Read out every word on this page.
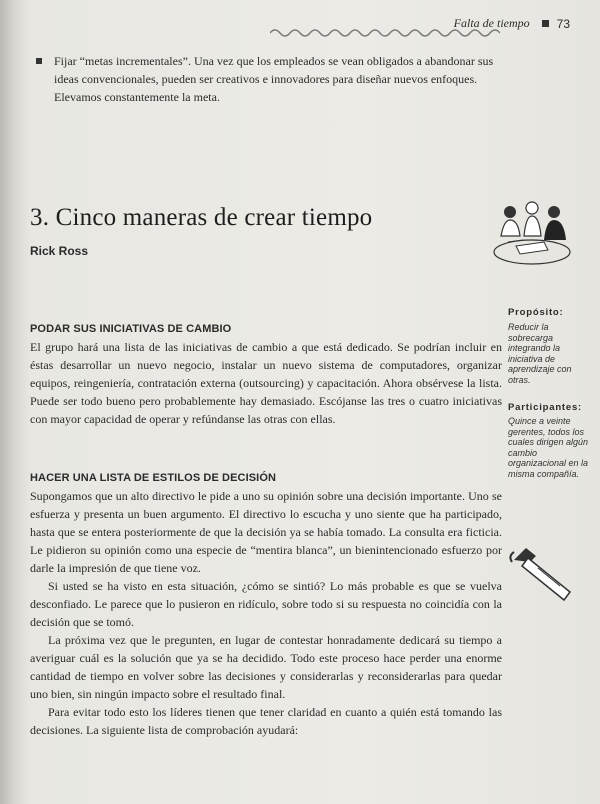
Falta de tiempo 73

Fijar “metas incrementales”. Una vez que los empleados se vean obligados a abandonar sus ideas convencionales, pueden ser creativos e innovadores para diseñar nuevos enfoques. Elevamos constantemente la meta.

3. Cinco maneras de crear tiempo
Rick Ross
PODAR SUS INICIATIVAS DE CAMBIO

El grupo hará una lista de las iniciativas de cambio a que está dedicado. Se podrían incluir en éstas desarrollar un nuevo negocio, instalar un nuevo sistema de computadores, organizar equipos, reingeniería, contratación externa (outsourcing) y capacitación. Ahora obsérvese la lista. Puede ser todo bueno pero probablemente hay demasiado. Escójanse las tres o cuatro iniciativas con mayor capacidad de operar y refúndanse las otras con ellas.

HACER UNA LISTA DE ESTILOS DE DECISIÓN

Supongamos que un alto directivo le pide a uno su opinión sobre una decisión importante. Uno se esfuerza y presenta un buen argumento. El directivo lo escucha y uno siente que ha participado, hasta que se entera posteriormente de que la decisión ya se había tomado. La consulta era ficticia. Le pidieron su opinión como una especie de “mentira blanca”, un bienintencionado esfuerzo por darle la impresión de que tiene voz.

Si usted se ha visto en esta situación, ¿cómo se sintió? Lo más probable es que se vuelva desconfiado. Le parece que lo pusieron en ridículo, sobre todo si su respuesta no coincidía con la decisión que se tomó.

La próxima vez que le pregunten, en lugar de contestar honradamente dedicará su tiempo a averiguar cuál es la solución que ya se ha decidido. Todo este proceso hace perder una enorme cantidad de tiempo en volver sobre las decisiones y considerarlas y reconsiderarlas para quedar uno bien, sin ningún impacto sobre el resultado final.

Para evitar todo esto los líderes tienen que tener claridad en cuanto a quién está tomando las decisiones. La siguiente lista de comprobación ayudará:

Propósito:
Reducir la sobrecarga integrando la iniciativa de aprendizaje con otras.
Participantes:
Quince a veinte gerentes, todos los cuales dirigen algún cambio organizacional en la misma compañía.
